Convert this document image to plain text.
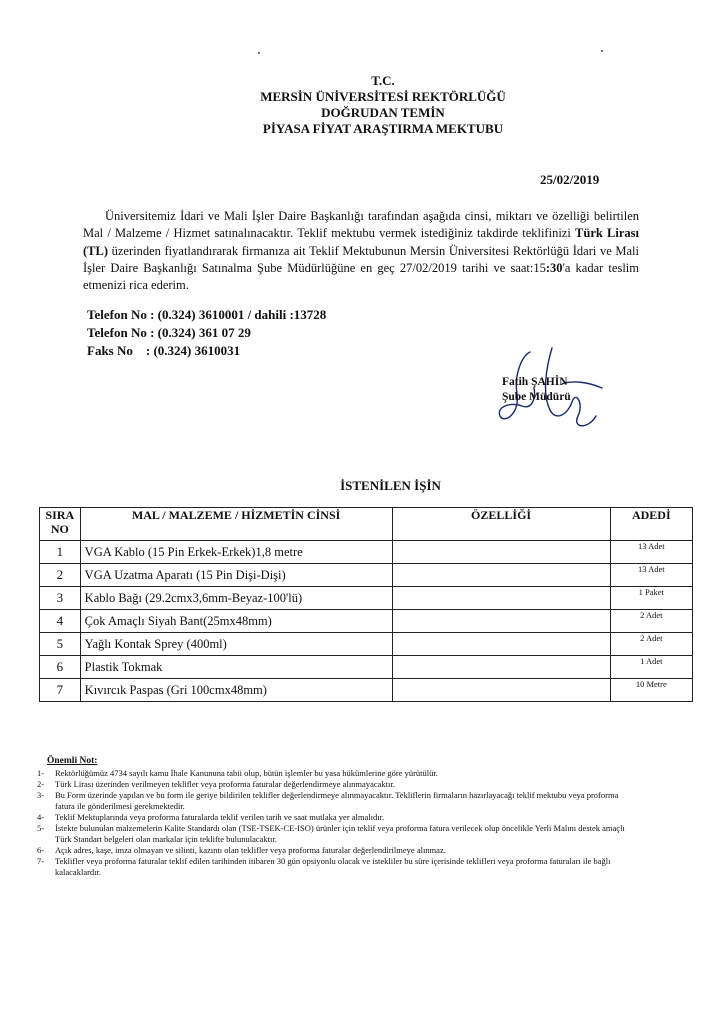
T.C.
MERSİN ÜNİVERSİTESİ REKTÖRLÜĞÜ
DOĞRUDAN TEMİN
PİYASA FİYAT ARAŞTIRMA MEKTUBU
25/02/2019
Üniversitemiz İdari ve Mali İşler Daire Başkanlığı tarafından aşağıda cinsi, miktarı ve özelliği belirtilen Mal / Malzeme / Hizmet satınalınacaktır. Teklif mektubu vermek istediğiniz takdirde teklifinizi Türk Lirası (TL) üzerinden fiyatlandırarak firmanıza ait Teklif Mektubunun Mersin Üniversitesi Rektörlüğü İdari ve Mali İşler Daire Başkanlığı Satınalma Şube Müdürlüğüne en geç 27/02/2019 tarihi ve saat:15:30'a kadar teslim etmenizi rica ederim.
Telefon No : (0.324) 3610001 / dahili :13728
Telefon No : (0.324) 361 07 29
Faks No    : (0.324) 3610031
Fatih ŞAHİN
Şube Müdürü
İSTENİLEN İŞİN
SIRA
NO	MAL / MALZEME / HİZMETİN CİNSİ	ÖZELLİĞİ	ADEDİ
1	VGA Kablo (15 Pin Erkek-Erkek)1,8 metre		13 Adet
2	VGA Uzatma Aparatı (15 Pin Dişi-Dişi)		13 Adet
3	Kablo Bağı (29.2cmx3,6mm-Beyaz-100'lü)		1 Paket
4	Çok Amaçlı Siyah Bant(25mx48mm)		2 Adet
5	Yağlı Kontak Sprey (400ml)		2 Adet
6	Plastik Tokmak		1 Adet
7	Kıvırcık Paspas (Gri 100cmx48mm)		10 Metre
Önemli Not:
1-	Rektörlüğümüz 4734 sayılı kamu İhale Kanununa tabii olup, bütün işlemler bu yasa hükümlerine göre yürütülür.
2-	Türk Lirası üzerinden verilmeyen teklifler veya proforma faturalar değerlendirmeye alınmayacaktır.
3-	Bu Form üzerinde yapılan ve bu form ile geriye bildirilen teklifler değerlendirmeye alınmayacaktır. Tekliflerin firmaların hazırlayacağı teklif mektubu veya proforma fatura ile gönderilmesi gerekmektedir.
4-	Teklif Mektuplarında veya proforma faturalarda teklif verilen tarih ve saat mutlaka yer almalıdır.
5-	İstekte bulunulan malzemelerin Kalite Standardı olan (TSE-TSEK-CE-ISO) ürünler için teklif veya proforma fatura verilecek olup öncelikle Yerli Malını destek amaçlı Türk Standart belgeleri olan markalar için teklifte bulunulacaktır.
6-	Açık adres, kaşe, imza olmayan ve silinti, kazıntı olan teklifler veya proforma faturalar değerlendirilmeye alınmaz.
7-	Teklifler veya proforma faturalar teklif edilen tarihinden itibaren 30 gün opsiyonlu olacak ve istekliler bu süre içerisinde teklifleri veya proforma faturaları ile bağlı kalacaklardır.
